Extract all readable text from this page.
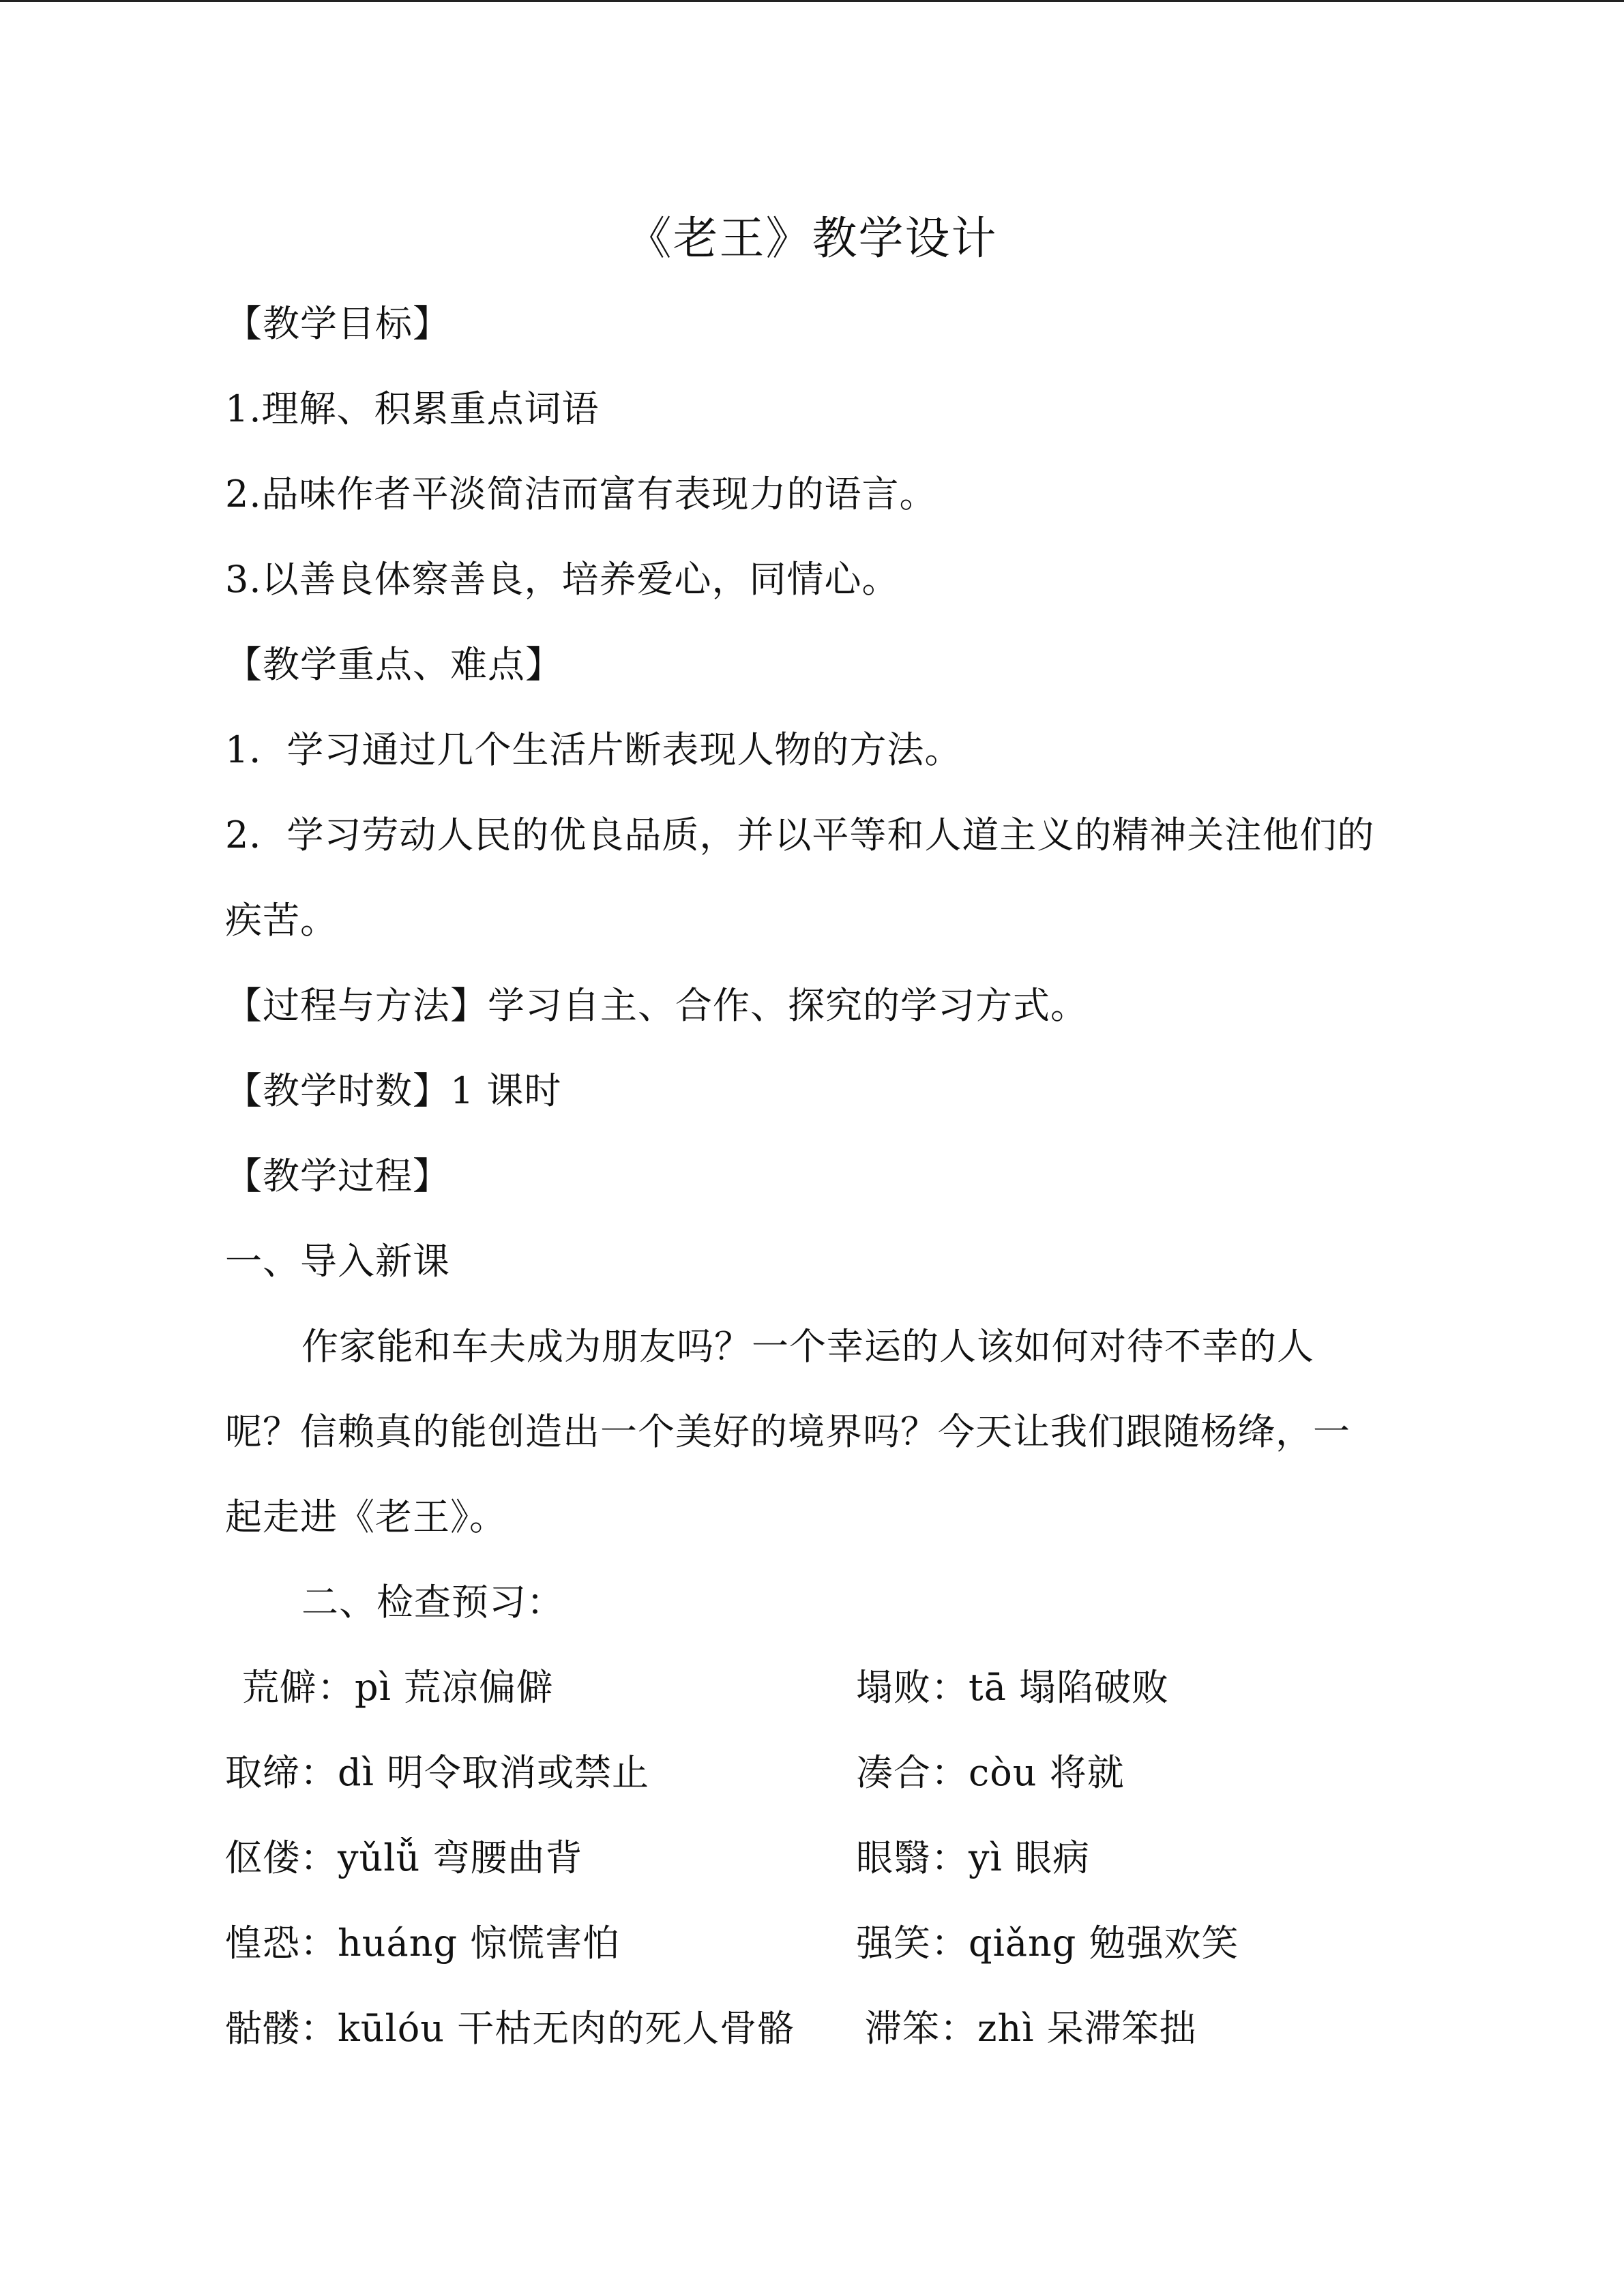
《老王》教学设计
【教学目标】
1.理解、积累重点词语
2.品味作者平淡简洁而富有表现力的语言。
3.以善良体察善良，培养爱心，同情心。
【教学重点、难点】
1．学习通过几个生活片断表现人物的方法。
2．学习劳动人民的优良品质，并以平等和人道主义的精神关注他们的
疾苦。
【过程与方法】学习自主、合作、探究的学习方式。
【教学时数】1 课时
【教学过程】
一、导入新课
作家能和车夫成为朋友吗？一个幸运的人该如何对待不幸的人
呢？信赖真的能创造出一个美好的境界吗？今天让我们跟随杨绛，一
起走进《老王》。
二、检查预习：
荒僻：pì 荒凉偏僻	塌败：tā 塌陷破败
取缔：dì 明令取消或禁止	凑合：còu 将就
伛偻：yǔlǚ 弯腰曲背	眼翳：yì 眼病
惶恐：huáng 惊慌害怕	强笑：qiǎng 勉强欢笑
骷髅：kūlóu 干枯无肉的死人骨骼 滞笨：zhì 呆滞笨拙
